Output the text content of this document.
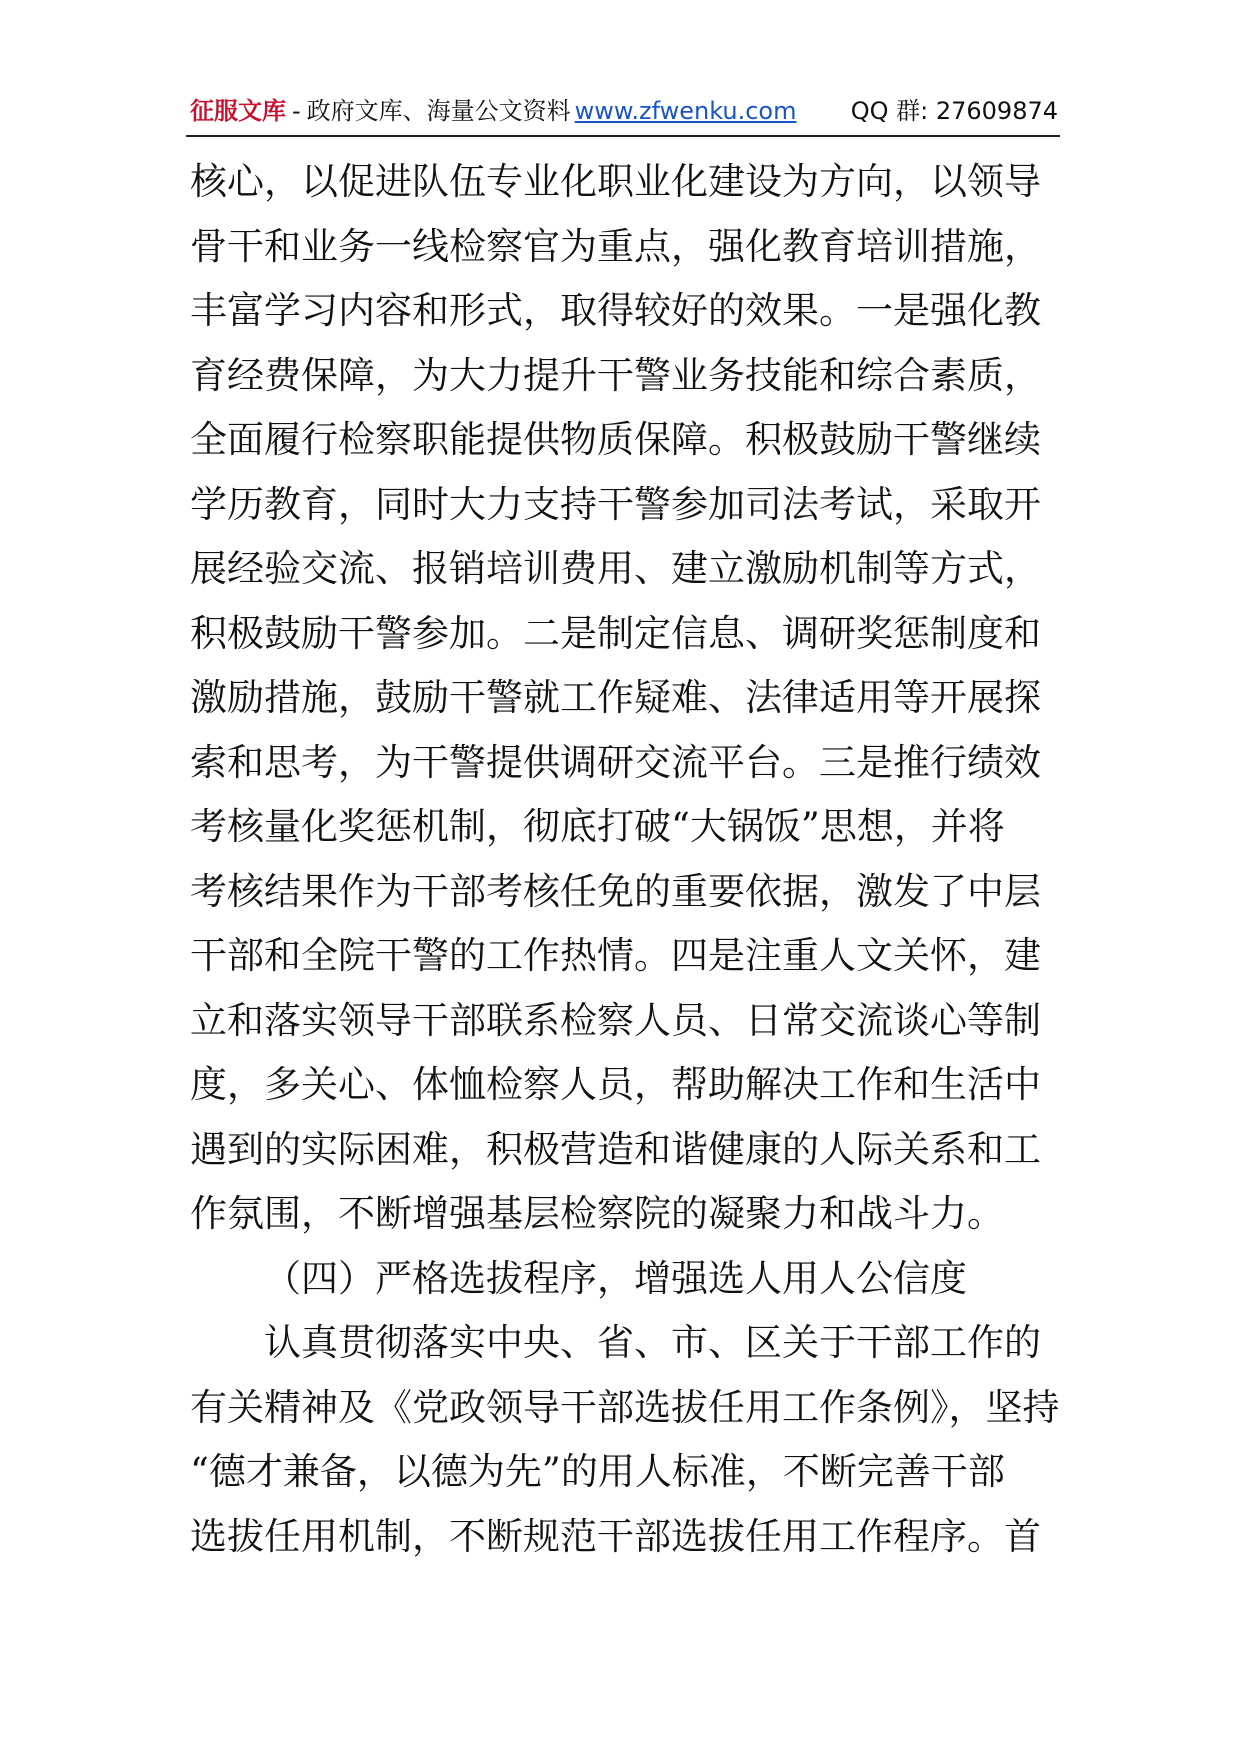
征服文库 - 政府文库、海量公文资料 www.zfwenku.com QQ 群: 27609874
核心，以促进队伍专业化职业化建设为方向，以领导
骨干和业务一线检察官为重点，强化教育培训措施，
丰富学习内容和形式，取得较好的效果。一是强化教
育经费保障，为大力提升干警业务技能和综合素质，
全面履行检察职能提供物质保障。积极鼓励干警继续
学历教育，同时大力支持干警参加司法考试，采取开
展经验交流、报销培训费用、建立激励机制等方式，
积极鼓励干警参加。二是制定信息、调研奖惩制度和
激励措施，鼓励干警就工作疑难、法律适用等开展探
索和思考，为干警提供调研交流平台。三是推行绩效
考核量化奖惩机制，彻底打破“大锅饭”思想，并将
考核结果作为干部考核任免的重要依据，激发了中层
干部和全院干警的工作热情。四是注重人文关怀，建
立和落实领导干部联系检察人员、日常交流谈心等制
度，多关心、体恤检察人员，帮助解决工作和生活中
遇到的实际困难，积极营造和谐健康的人际关系和工
作氛围，不断增强基层检察院的凝聚力和战斗力。
（四）严格选拔程序，增强选人用人公信度
认真贯彻落实中央、省、市、区关于干部工作的
有关精神及《党政领导干部选拔任用工作条例》，坚持
“德才兼备，以德为先”的用人标准，不断完善干部
选拔任用机制，不断规范干部选拔任用工作程序。首
